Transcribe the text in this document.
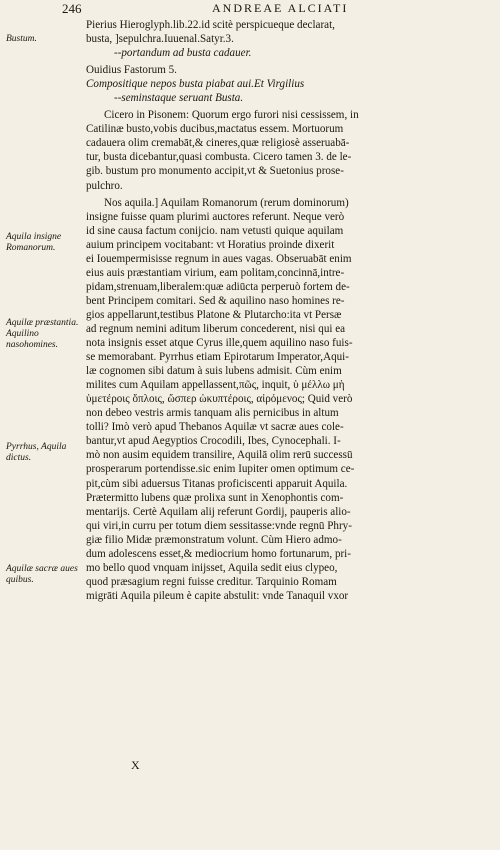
246	ANDREAE ALCIATI
Bustum.
Aquila insigne Romanorum.
Aquilæ præstantia. Aquilino nasohomines.
Pyrrhus, Aquila dictus.
Aquilæ sacræ aues quibus.
Pierius Hieroglyph.lib.22.id scitè perspicueque declarat,
busta, ]sepulchra.Iuuenal.Satyr.3.
--portandum ad busta cadauer.
Ouidius Fastorum 5.
Compositique nepos busta piabat aui.Et Virgilius
--seminstaque seruant Busta.
Cicero in Pisonem: Quorum ergo furori nisi cessissem, in
Catilinæ busto,vobis ducibus,mactatus essem. Mortuorum
cadauera olim cremabāt,& cineres,quæ religiosè asseruabā-
tur, busta dicebantur,quasi combusta. Cicero tamen 3. de le-
gib. bustum pro monumento accipit,vt & Suetonius prose-
pulchro.
Nos aquila.] Aquilam Romanorum (rerum dominorum)
insigne fuisse quam plurimi auctores referunt. Neque verò
id sine causa factum conijcio. nam vetusti quique aquilam
auium principem vocitabant: vt Horatius proinde dixerit
ei Iouempermisisse regnum in aues vagas. Obseruabāt enim
eius auis præstantiam virium, eam politam,concinnā,intre-
pidam,strenuam,liberalem:quæ adiūcta perperuò fortem de-
bent Principem comitari. Sed & aquilino naso homines re-
gios appellarunt,testibus Platone & Plutarcho:ita vt Persæ
ad regnum nemini aditum liberum concederent, nisi qui ea
nota insignis esset atque Cyrus ille,quem aquilino naso fuis-
se memorabant. Pyrrhus etiam Epirotarum Imperator,Aqui-
læ cognomen sibi datum à suis lubens admisit. Cùm enim
milites cum Aquilam appellassent,πῶς, inquit, ὑ μέλλω μὴ
ὑμετέροις ὅπλοις, ὥσπερ ὠκυπτέροις, αἰρόμενος; Quid verò
non debeo vestris armis tanquam alis pernicibus in altum
tolli? Imò verò apud Thebanos Aquilæ vt sacræ aues cole-
bantur,vt apud Aegyptios Crocodili, Ibes, Cynocephali. I-
mò non ausim equidem transilire, Aquilā olim rerū successū
prosperarum portendisse.sic enim Iupiter omen optimum ce-
pit,cùm sibi aduersus Titanas proficiscenti apparuit Aquila.
Prætermitto lubens quæ prolixa sunt in Xenophontis com-
mentarijs. Certè Aquilam alij referunt Gordij, pauperis alio-
qui viri,in curru per totum diem sessitasse:vnde regnū Phry-
giæ filio Midæ præmonstratum volunt. Cùm Hiero admo-
dum adolescens esset,& mediocrium homo fortunarum, pri-
mo bello quod vnquam inijsset, Aquila sedit eius clypeo,
quod præsagium regni fuisse creditur. Tarquinio Romam
migrāti Aquila pileum è capite abstulit: vnde Tanaquil vxor
X
